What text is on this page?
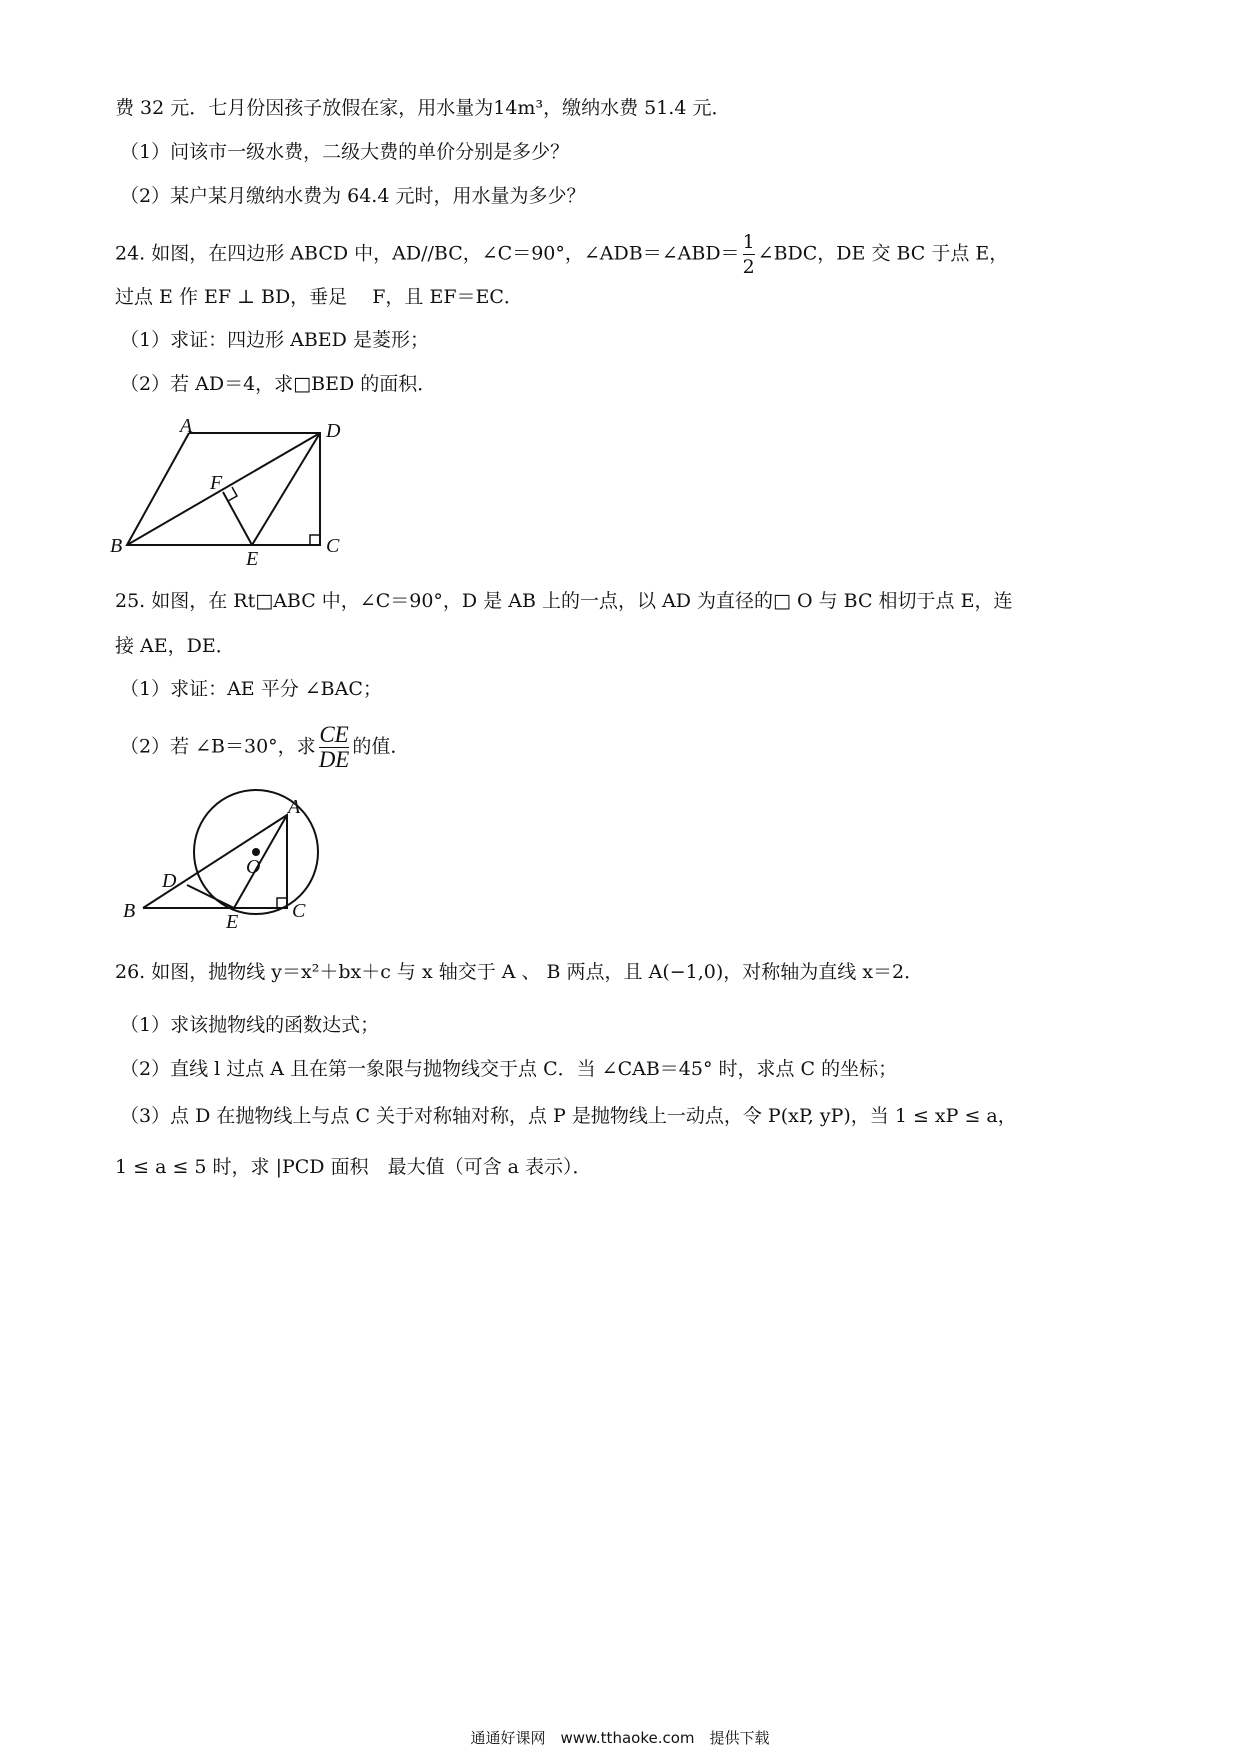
费 32 元．七月份因孩子放假在家，用水量为14m³，缴纳水费 51.4 元．
（1）问该市一级水费，二级大费的单价分别是多少？
（2）某户某月缴纳水费为 64.4 元时，用水量为多少？
24. 如图，在四边形 ABCD 中，AD//BC，∠C＝90°，∠ADB＝∠ABD＝ $\frac{1}{2}$ ∠BDC，DE 交 BC 于点 E，
过点 E 作 EF ⊥ BD，垂足　 F，且 EF＝EC．
（1）求证：四边形 ABED 是菱形；
（2）若 AD＝4，求□BED 的面积．
A	D
B	C
E
F
25. 如图，在 Rt□ABC 中，∠C＝90°，D 是 AB 上的一点，以 AD 为直径的□ O 与 BC 相切于点 E，连
接 AE，DE．
（1）求证：AE 平分 ∠BAC；
（2）若 ∠B＝30°，求 $\frac{CE}{DE}$ 的值．
A
B	C
D
E
O
26. 如图，抛物线 y＝x²＋bx＋c 与 x 轴交于 A 、 B 两点，且 A(−1,0)，对称轴为直线 x＝2．
（1）求该抛物线的函数达式；
（2）直线 l 过点 A 且在第一象限与抛物线交于点 C．当 ∠CAB＝45° 时，求点 C 的坐标；
（3）点 D 在抛物线上与点 C 关于对称轴对称，点 P 是抛物线上一动点，令 P(xP, yP)，当 1 ≤ xP ≤ a，
1 ≤ a ≤ 5 时，求 |PCD 面积　最大值（可含 a 表示）．
通通好课网　www.tthaoke.com　提供下载
